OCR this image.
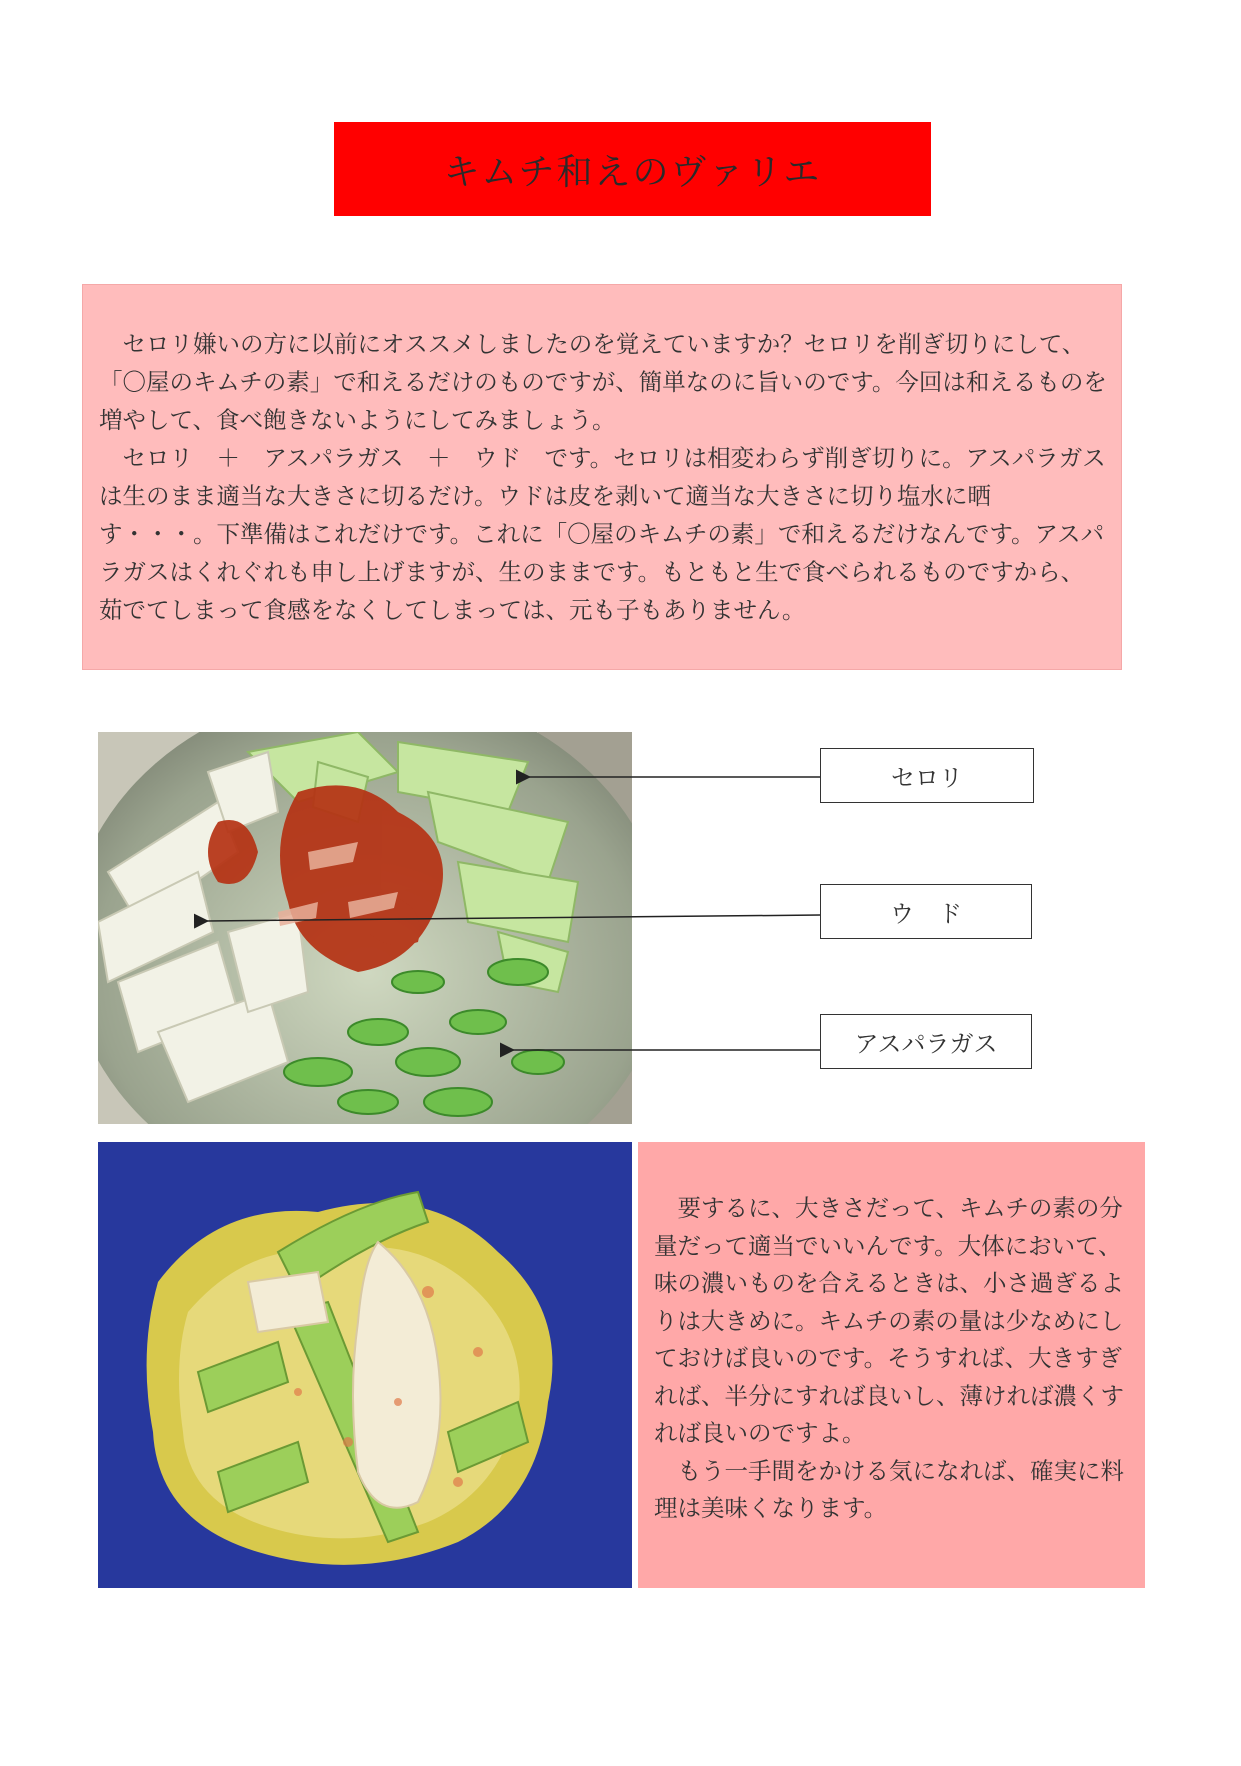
キムチ和えのヴァリエ

セロリ嫌いの方に以前にオススメしましたのを覚えていますか？セロリを削ぎ切りにして、「〇屋のキムチの素」で和えるだけのものですが、簡単なのに旨いのです。今回は和えるものを増やして、食べ飽きないようにしてみましょう。

セロリ　＋　アスパラガス　＋　ウド　です。セロリは相変わらず削ぎ切りに。アスパラガスは生のまま適当な大きさに切るだけ。ウドは皮を剥いて適当な大きさに切り塩水に晒す・・・。下準備はこれだけです。これに「〇屋のキムチの素」で和えるだけなんです。アスパラガスはくれぐれも申し上げますが、生のままです。もともと生で食べられるものですから、茹でてしまって食感をなくしてしまっては、元も子もありません。

セロリ
ウ　ド
アスパラガス

要するに、大きさだって、キムチの素の分量だって適当でいいんです。大体において、味の濃いものを合えるときは、小さ過ぎるよりは大きめに。キムチの素の量は少なめにしておけば良いのです。そうすれば、大きすぎれば、半分にすれば良いし、薄ければ濃くすれば良いのですよ。

もう一手間をかける気になれば、確実に料理は美味くなります。
